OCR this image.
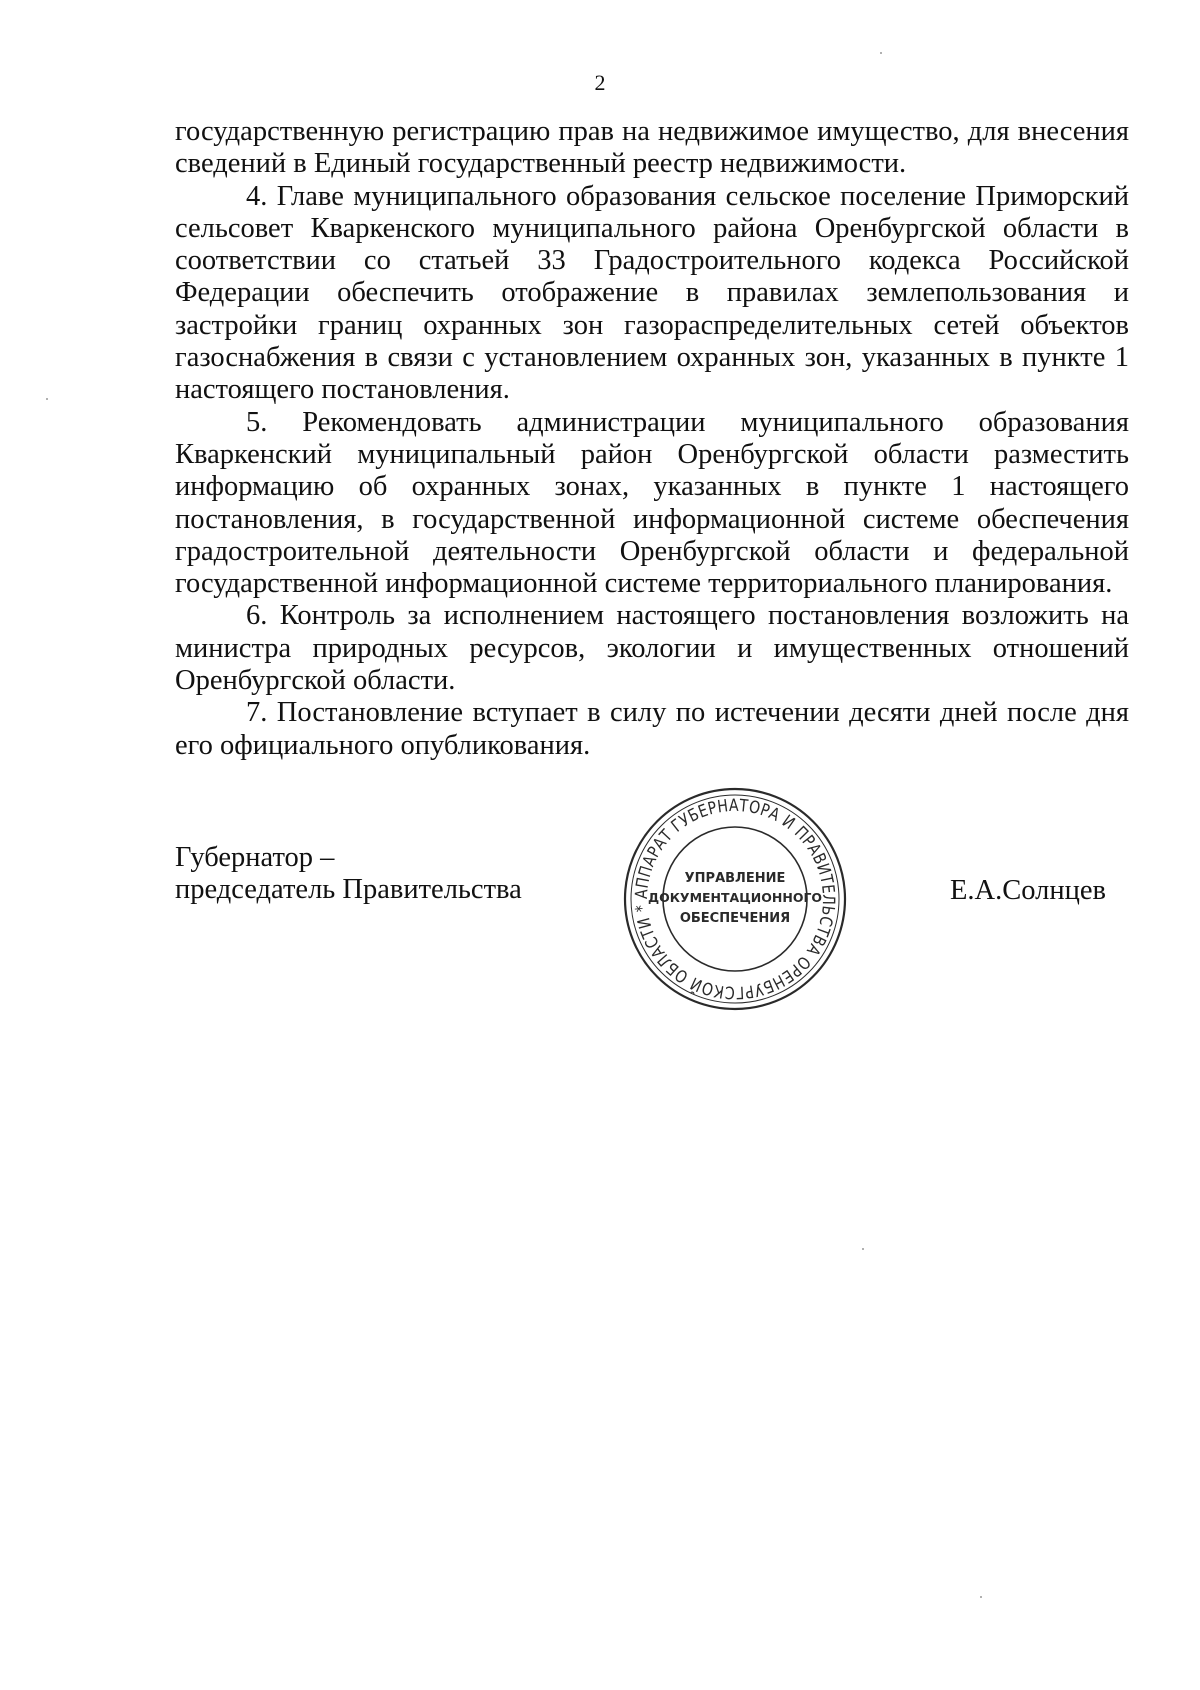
2

государственную регистрацию прав на недвижимое имущество, для внесения сведений в Единый государственный реестр недвижимости.

4. Главе муниципального образования сельское поселение Приморский сельсовет Кваркенского муниципального района Оренбургской области в соответствии со статьей 33 Градостроительного кодекса Российской Федерации обеспечить отображение в правилах землепользования и застройки границ охранных зон газораспределительных сетей объектов газоснабжения в связи с установлением охранных зон, указанных в пункте 1 настоящего постановления.

5. Рекомендовать администрации муниципального образования Кваркенский муниципальный район Оренбургской области разместить информацию об охранных зонах, указанных в пункте 1 настоящего постановления, в государственной информационной системе обеспечения градостроительной деятельности Оренбургской области и федеральной государственной информационной системе территориального планирования.

6. Контроль за исполнением настоящего постановления возложить на министра природных ресурсов, экологии и имущественных отношений Оренбургской области.

7. Постановление вступает в силу по истечении десяти дней после дня его официального опубликования.

Губернатор –
председатель Правительства	Е.А.Солнцев
АППАРАТ ГУБЕРНАТОРА И ПРАВИТЕЛЬСТВА ОРЕНБУРГСКОЙ ОБЛАСТИ *
УПРАВЛЕНИЕ
ДОКУМЕНТАЦИОННОГО
ОБЕСПЕЧЕНИЯ
